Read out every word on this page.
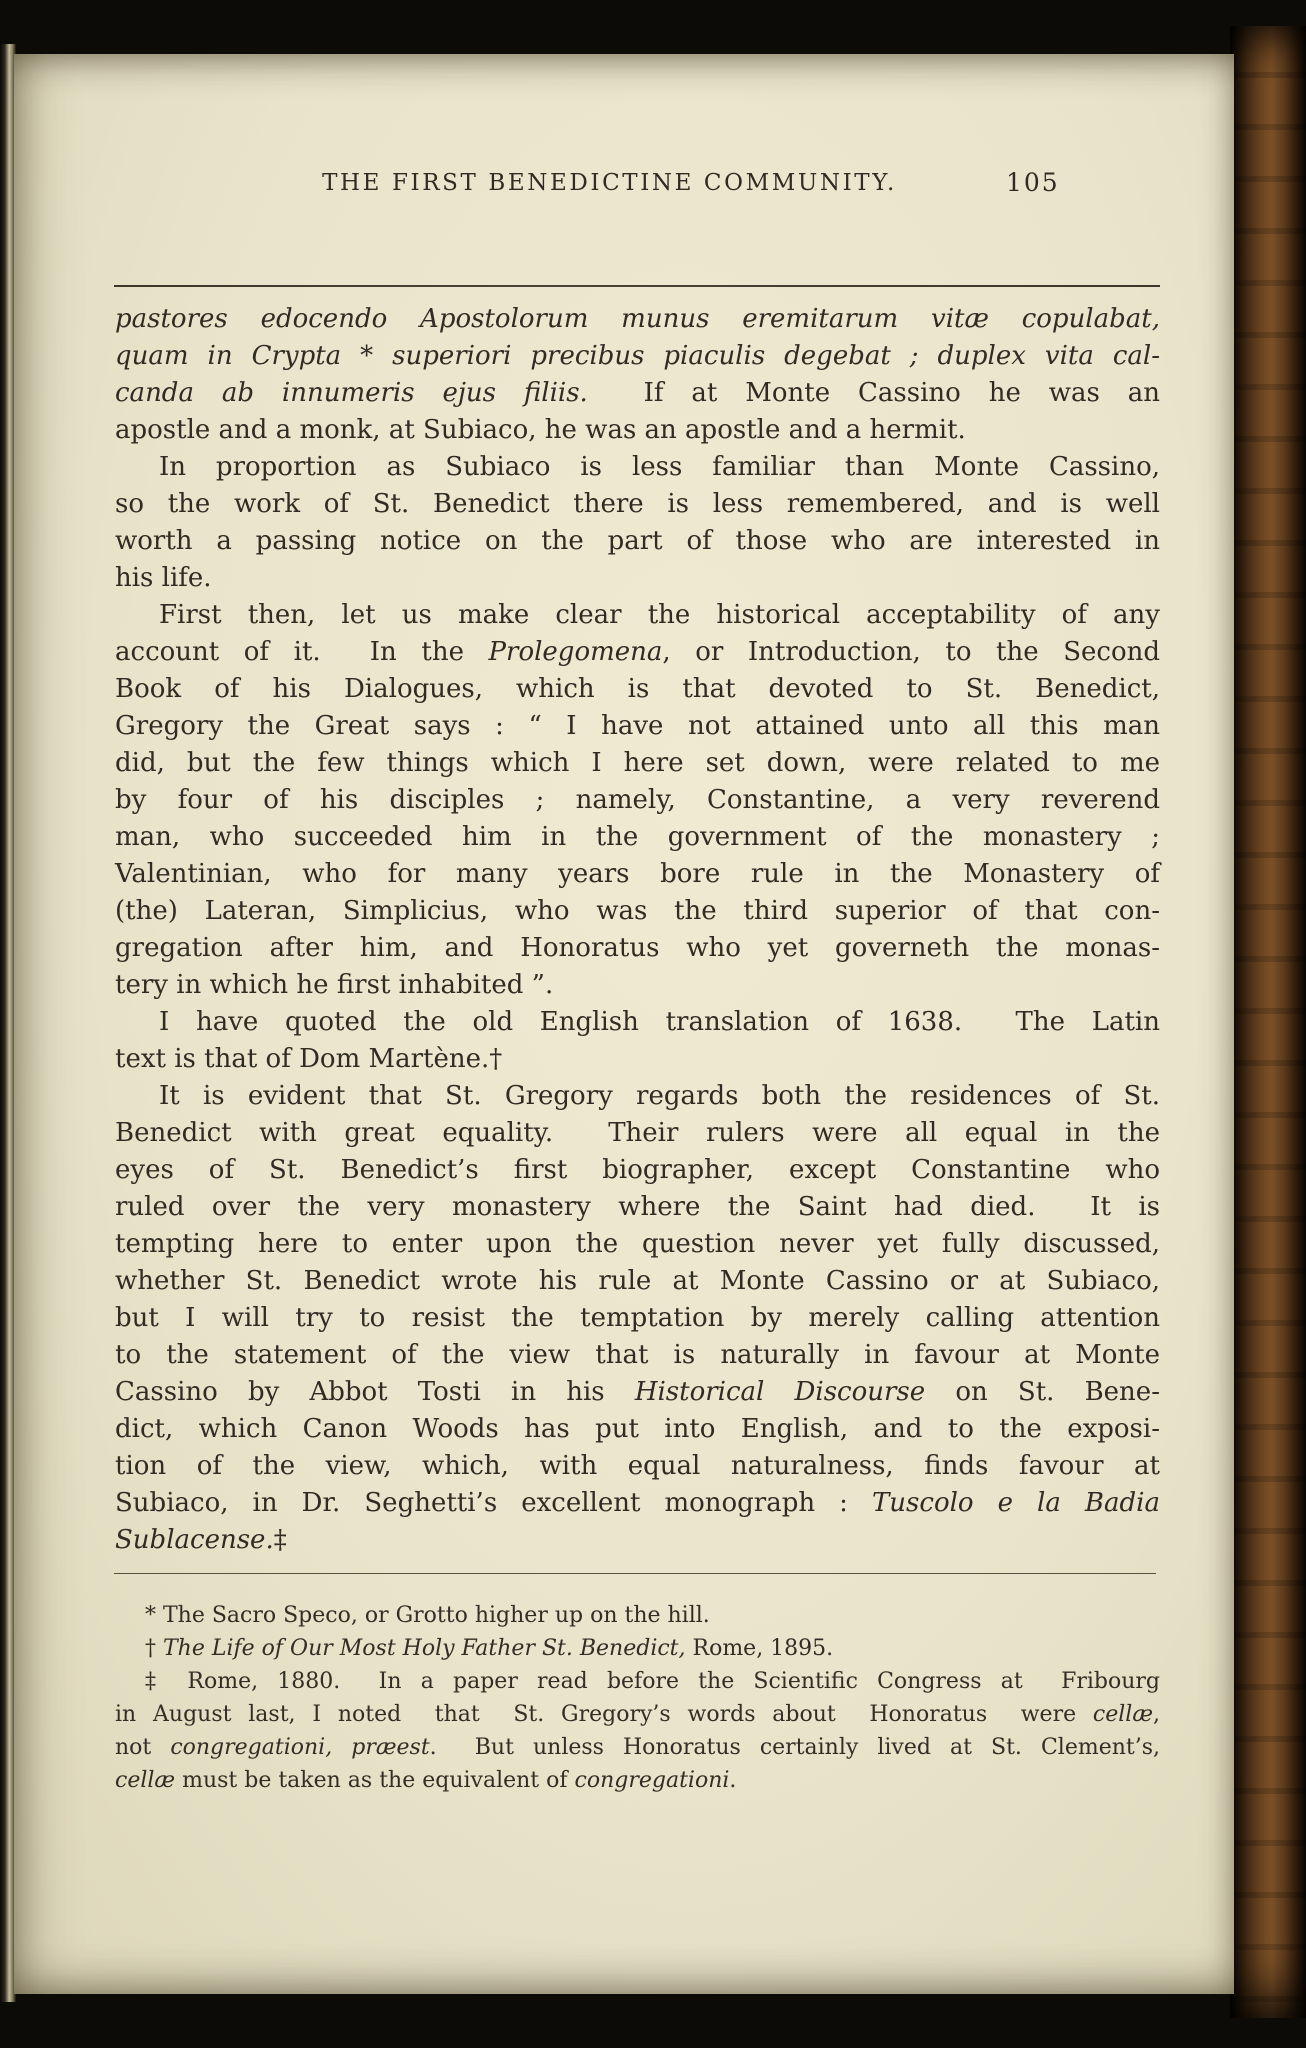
THE FIRST BENEDICTINE COMMUNITY.	105
pastores edocendo Apostolorum munus eremitarum vitæ copulabat,
quam in Crypta * superiori precibus piaculis degebat ; duplex vita cal-
canda ab innumeris ejus filiis.  If at Monte Cassino he was an
apostle and a monk, at Subiaco, he was an apostle and a hermit.
In proportion as Subiaco is less familiar than Monte Cassino,
so the work of St. Benedict there is less remembered, and is well
worth a passing notice on the part of those who are interested in
his life.
First then, let us make clear the historical acceptability of any
account of it.  In the Prolegomena, or Introduction, to the Second
Book of his Dialogues, which is that devoted to St. Benedict,
Gregory the Great says : “ I have not attained unto all this man
did, but the few things which I here set down, were related to me
by four of his disciples ; namely, Constantine, a very reverend
man, who succeeded him in the government of the monastery ;
Valentinian, who for many years bore rule in the Monastery of
(the) Lateran, Simplicius, who was the third superior of that con-
gregation after him, and Honoratus who yet governeth the monas-
tery in which he first inhabited ”.
I have quoted the old English translation of 1638.  The Latin
text is that of Dom Martène.†
It is evident that St. Gregory regards both the residences of St.
Benedict with great equality.  Their rulers were all equal in the
eyes of St. Benedict’s first biographer, except Constantine who
ruled over the very monastery where the Saint had died.  It is
tempting here to enter upon the question never yet fully discussed,
whether St. Benedict wrote his rule at Monte Cassino or at Subiaco,
but I will try to resist the temptation by merely calling attention
to the statement of the view that is naturally in favour at Monte
Cassino by Abbot Tosti in his Historical Discourse on St. Bene-
dict, which Canon Woods has put into English, and to the exposi-
tion of the view, which, with equal naturalness, finds favour at
Subiaco, in Dr. Seghetti’s excellent monograph : Tuscolo e la Badia
Sublacense.‡
* The Sacro Speco, or Grotto higher up on the hill.
† The Life of Our Most Holy Father St. Benedict, Rome, 1895.
‡ Rome, 1880.  In a paper read before the Scientific Congress at  Fribourg
in August last, I noted  that  St. Gregory’s words about  Honoratus  were cellæ,
not congregationi, præest.  But unless Honoratus certainly lived at St. Clement’s,
cellæ must be taken as the equivalent of congregationi.
